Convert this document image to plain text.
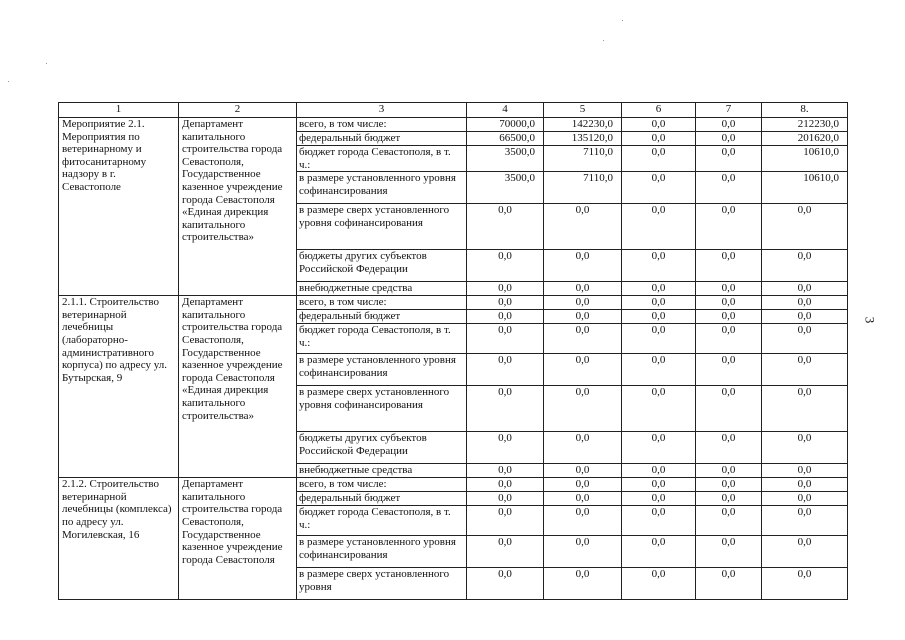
1	2	3	4	5	6	7	8.
Мероприятие 2.1. Мероприятия по ветеринарному и фитосанитарному надзору в г. Севастополе	Департамент капитального строительства города Севастополя, Государственное казенное учреждение города Севастополя «Единая дирекция капитального строительства»	всего, в том числе:	70000,0	142230,0	0,0	0,0	212230,0
		федеральный бюджет	66500,0	135120,0	0,0	0,0	201620,0
		бюджет города Севастополя, в т. ч.:	3500,0	7110,0	0,0	0,0	10610,0
		в размере установленного уровня софинансирования	3500,0	7110,0	0,0	0,0	10610,0
		в размере сверх установленного уровня софинансирования	0,0	0,0	0,0	0,0	0,0
		бюджеты других субъектов Российской Федерации	0,0	0,0	0,0	0,0	0,0
		внебюджетные средства	0,0	0,0	0,0	0,0	0,0
2.1.1. Строительство ветеринарной лечебницы (лабораторно-административного корпуса) по адресу ул. Бутырская, 9	Департамент капитального строительства города Севастополя, Государственное казенное учреждение города Севастополя «Единая дирекция капитального строительства»	всего, в том числе:	0,0	0,0	0,0	0,0	0,0
		федеральный бюджет	0,0	0,0	0,0	0,0	0,0
		бюджет города Севастополя, в т. ч.:	0,0	0,0	0,0	0,0	0,0
		в размере установленного уровня софинансирования	0,0	0,0	0,0	0,0	0,0
		в размере сверх установленного уровня софинансирования	0,0	0,0	0,0	0,0	0,0
		бюджеты других субъектов Российской Федерации	0,0	0,0	0,0	0,0	0,0
		внебюджетные средства	0,0	0,0	0,0	0,0	0,0
2.1.2. Строительство ветеринарной лечебницы (комплекса) по адресу ул. Могилевская, 16	Департамент капитального строительства города Севастополя, Государственное казенное учреждение города Севастополя	всего, в том числе:	0,0	0,0	0,0	0,0	0,0
		федеральный бюджет	0,0	0,0	0,0	0,0	0,0
		бюджет города Севастополя, в т. ч.:	0,0	0,0	0,0	0,0	0,0
		в размере установленного уровня софинансирования	0,0	0,0	0,0	0,0	0,0
		в размере сверх установленного уровня	0,0	0,0	0,0	0,0	0,0
3
